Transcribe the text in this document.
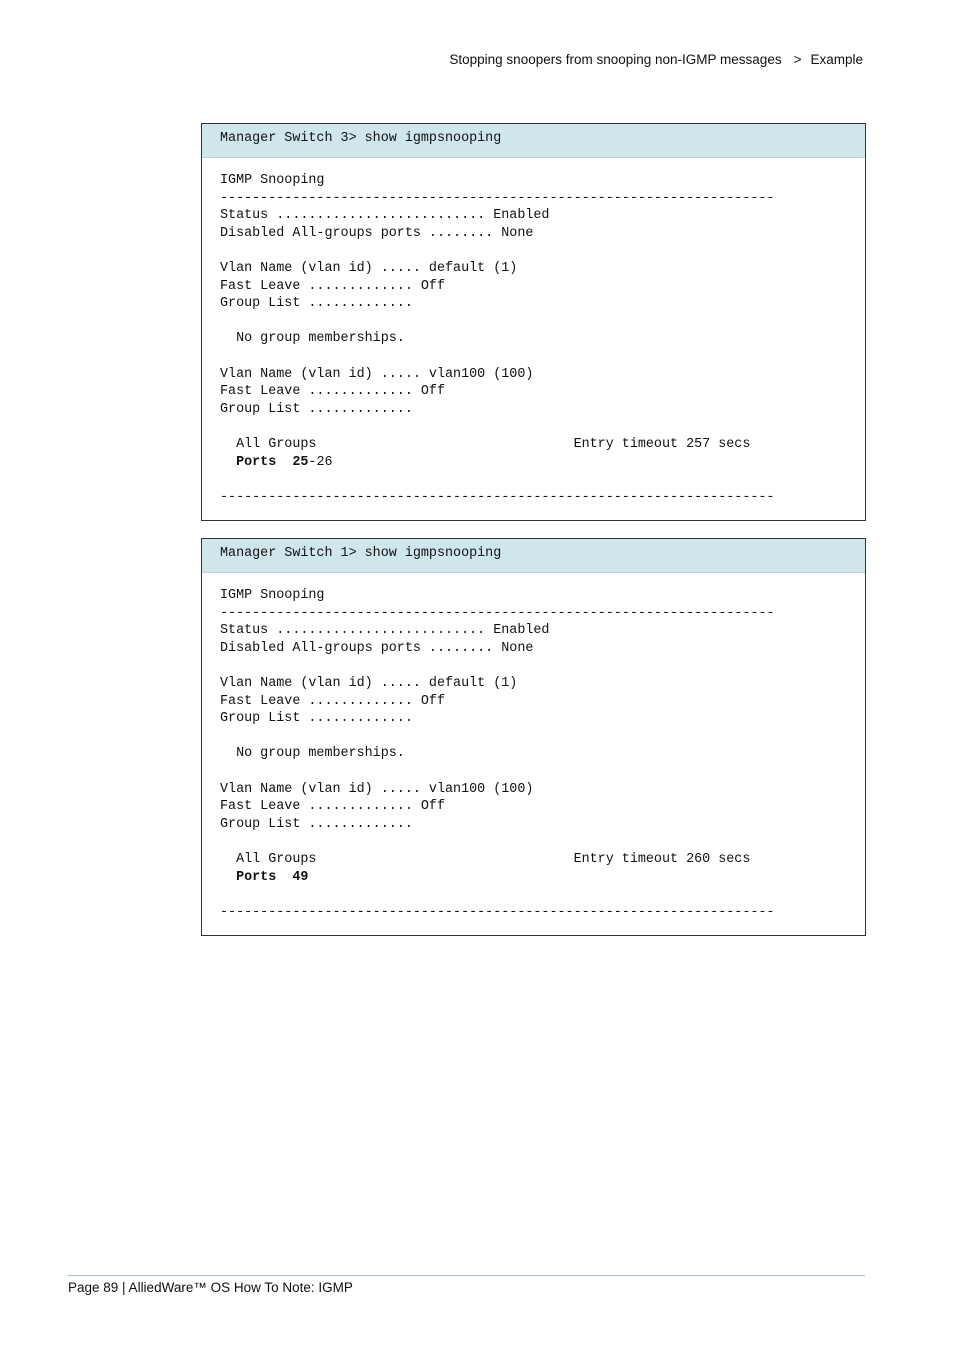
Stopping snoopers from snooping non-IGMP messages > Example
Manager Switch 3> show igmpsnooping
IGMP Snooping
---------------------------------------------------------------------
Status .......................... Enabled
Disabled All-groups ports ........ None
Vlan Name (vlan id) ..... default (1)
Fast Leave ............. Off
Group List .............
No group memberships.
Vlan Name (vlan id) ..... vlan100 (100)
Fast Leave ............. Off
Group List .............
All Groups                                Entry timeout 257 secs
Ports  25-26
---------------------------------------------------------------------
Manager Switch 1> show igmpsnooping
IGMP Snooping
---------------------------------------------------------------------
Status .......................... Enabled
Disabled All-groups ports ........ None
Vlan Name (vlan id) ..... default (1)
Fast Leave ............. Off
Group List .............
No group memberships.
Vlan Name (vlan id) ..... vlan100 (100)
Fast Leave ............. Off
Group List .............
All Groups                                Entry timeout 260 secs
Ports  49
---------------------------------------------------------------------
Page 89 | AlliedWare™ OS How To Note: IGMP
